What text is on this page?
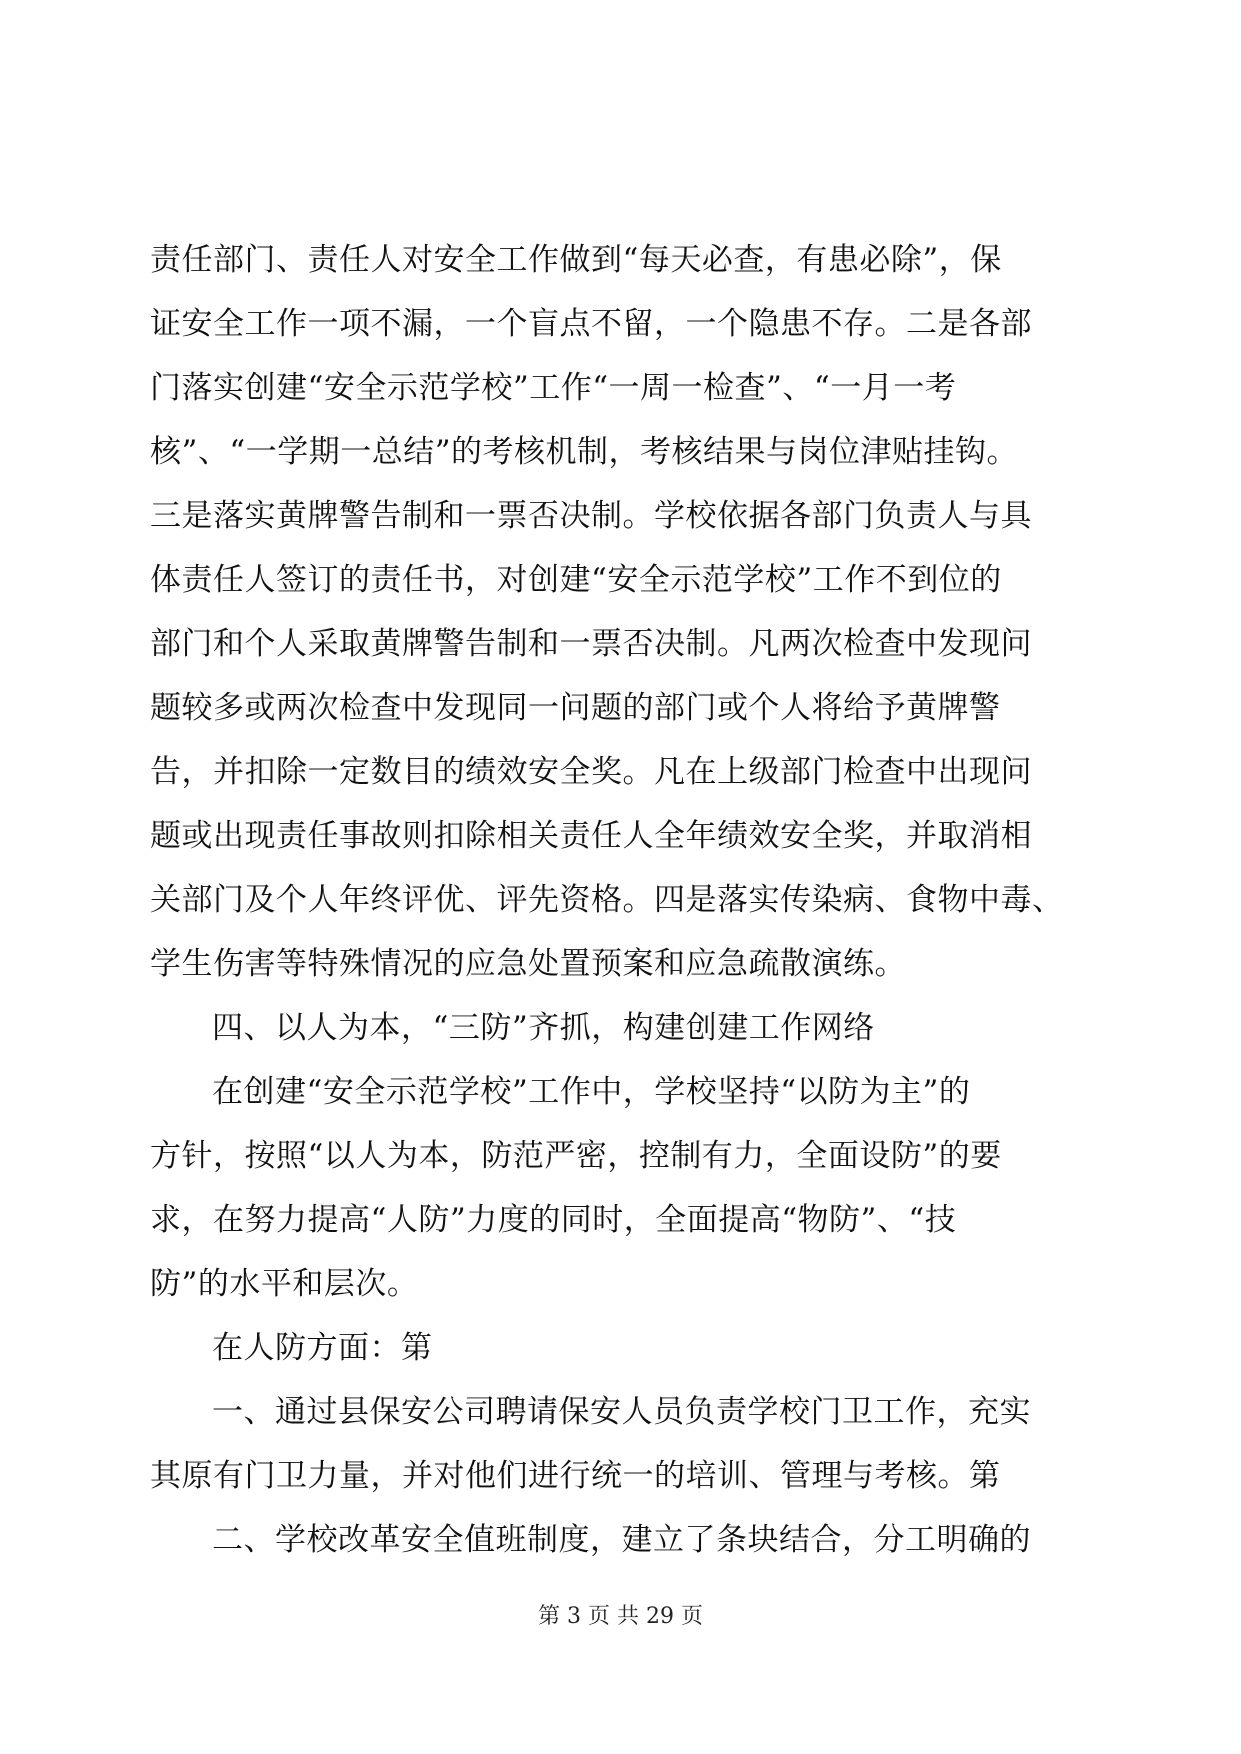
责任部门、责任人对安全工作做到“每天必查，有患必除”，保
证安全工作一项不漏，一个盲点不留，一个隐患不存。二是各部
门落实创建“安全示范学校”工作“一周一检查”、“一月一考
核”、“一学期一总结”的考核机制，考核结果与岗位津贴挂钩。
三是落实黄牌警告制和一票否决制。学校依据各部门负责人与具
体责任人签订的责任书，对创建“安全示范学校”工作不到位的
部门和个人采取黄牌警告制和一票否决制。凡两次检查中发现问
题较多或两次检查中发现同一问题的部门或个人将给予黄牌警
告，并扣除一定数目的绩效安全奖。凡在上级部门检查中出现问
题或出现责任事故则扣除相关责任人全年绩效安全奖，并取消相
关部门及个人年终评优、评先资格。四是落实传染病、食物中毒、
学生伤害等特殊情况的应急处置预案和应急疏散演练。
四、以人为本，“三防”齐抓，构建创建工作网络
在创建“安全示范学校”工作中，学校坚持“以防为主”的
方针，按照“以人为本，防范严密，控制有力，全面设防”的要
求，在努力提高“人防”力度的同时，全面提高“物防”、“技
防”的水平和层次。
在人防方面：第
一、通过县保安公司聘请保安人员负责学校门卫工作，充实
其原有门卫力量，并对他们进行统一的培训、管理与考核。第
二、学校改革安全值班制度，建立了条块结合，分工明确的
第 3 页 共 29 页
